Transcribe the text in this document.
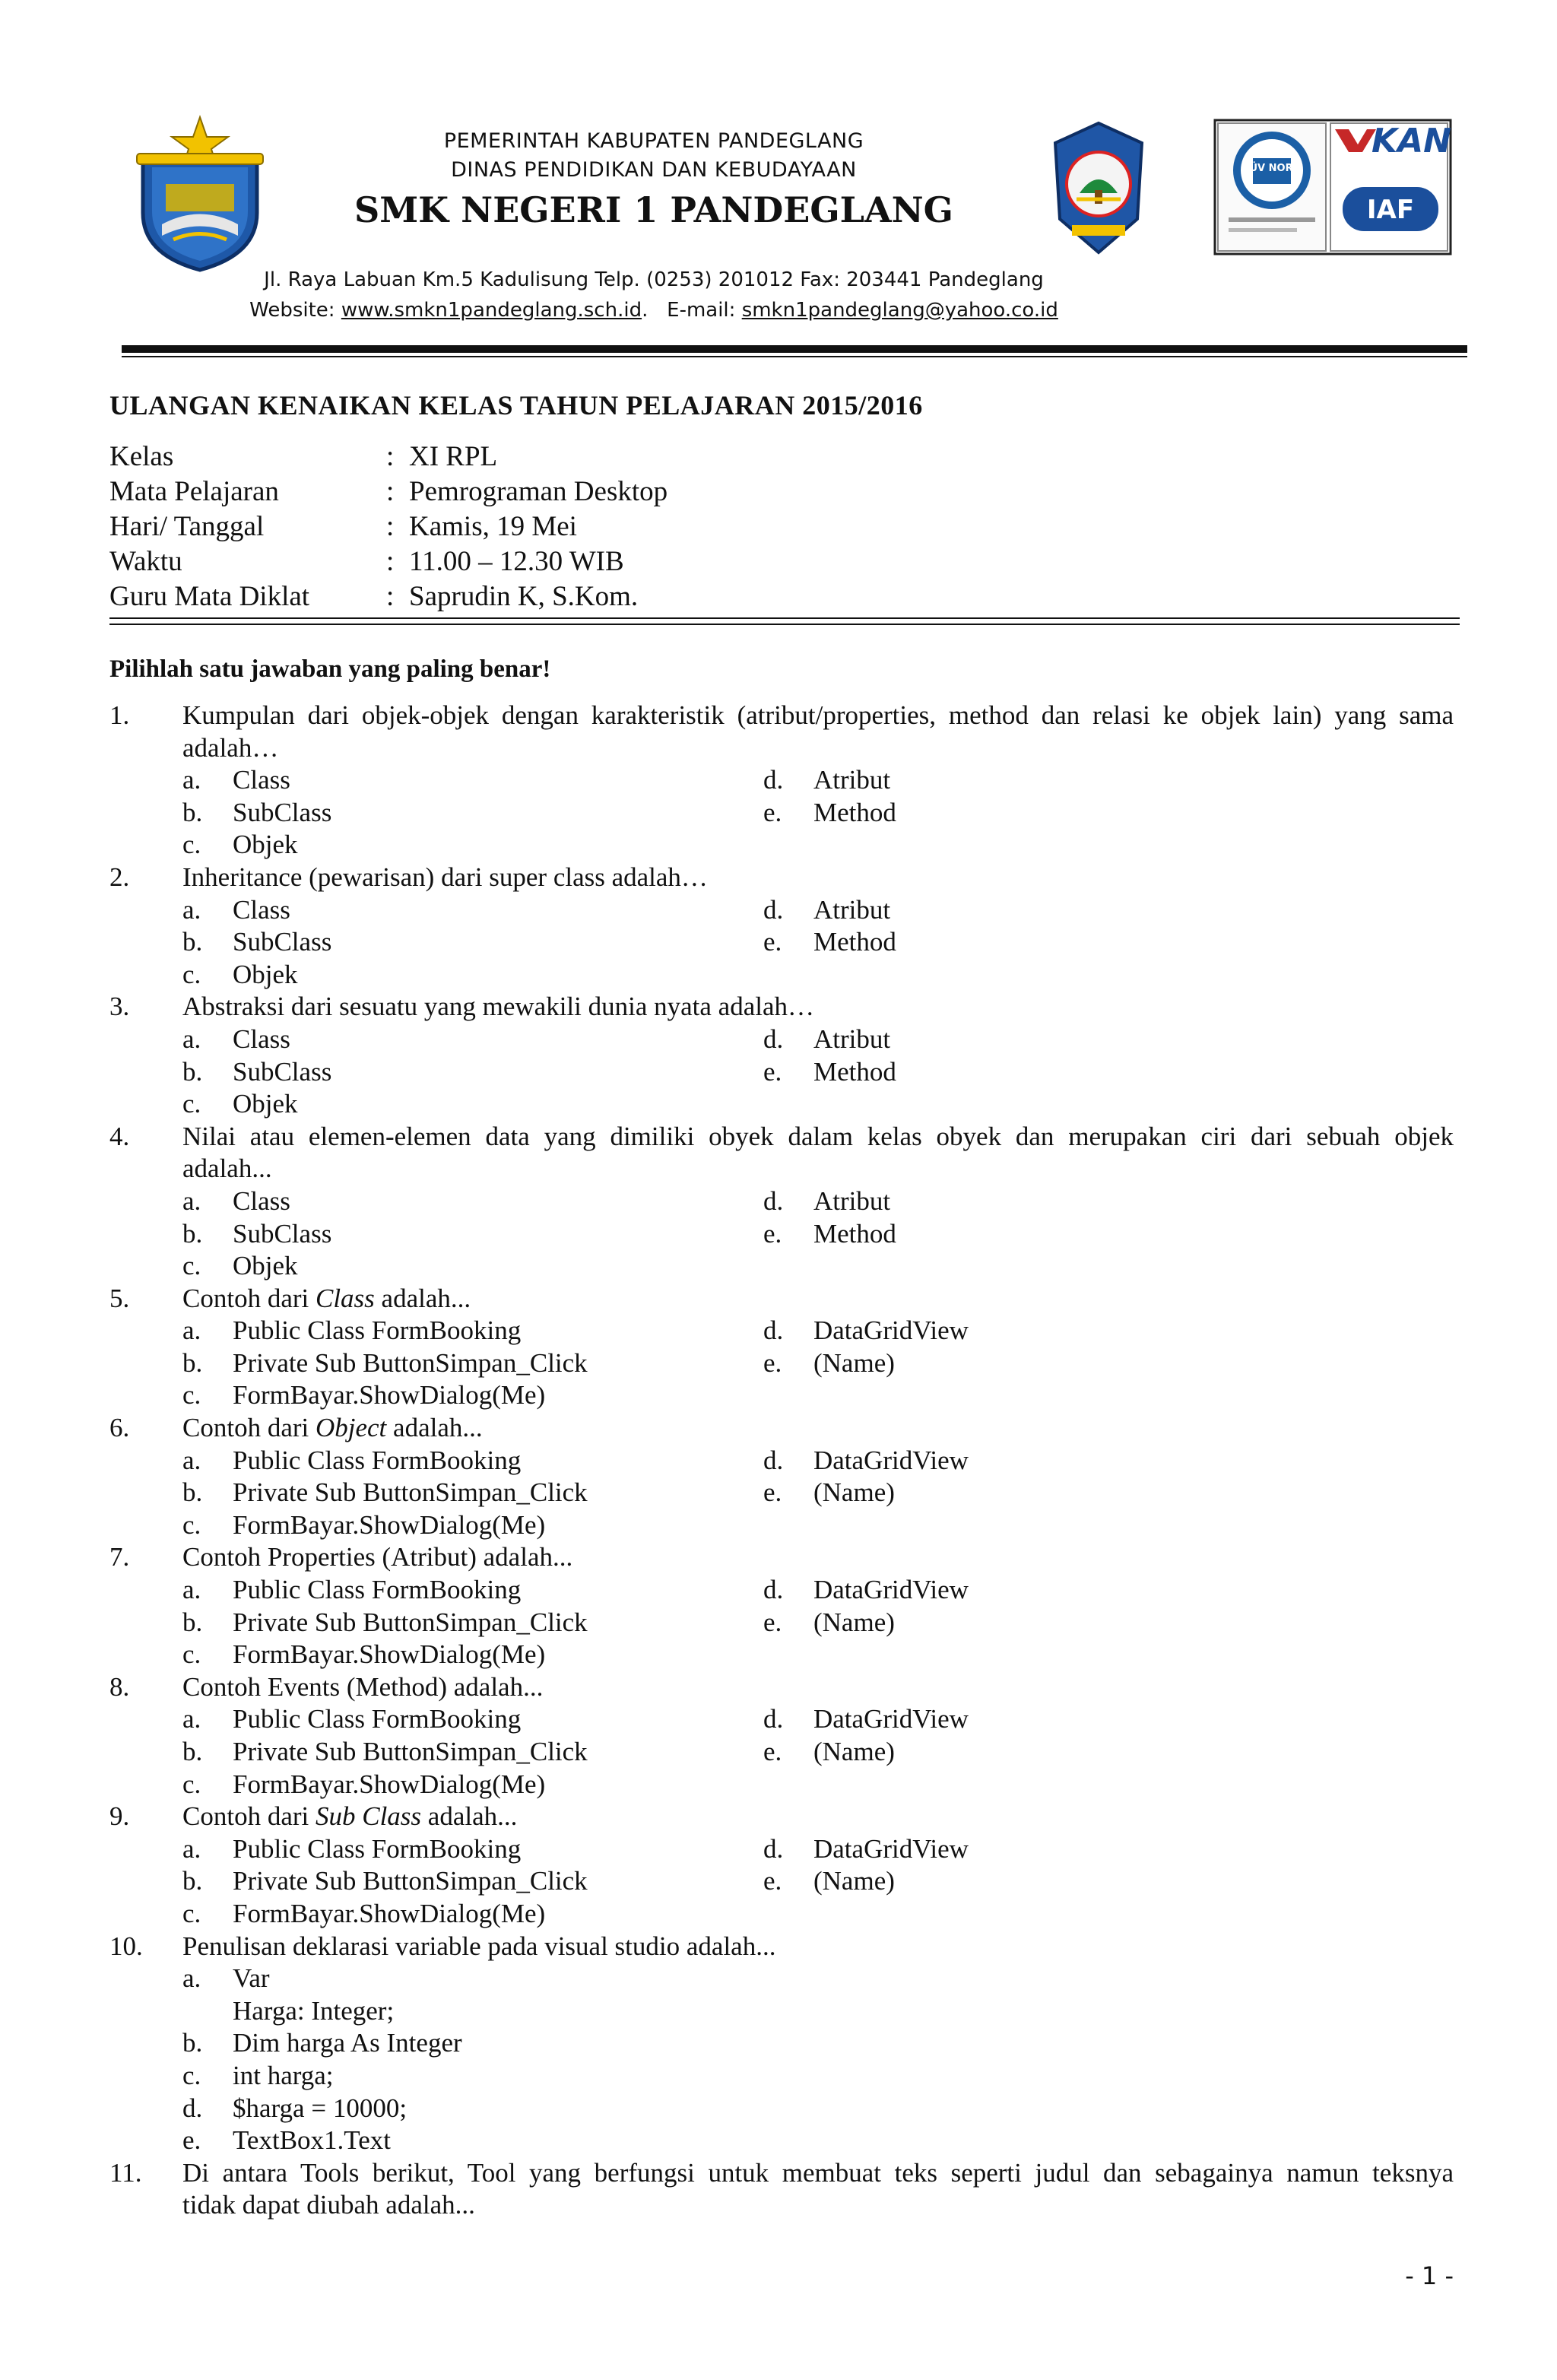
PEMERINTAH KABUPATEN PANDEGLANG
DINAS PENDIDIKAN DAN KEBUDAYAAN
SMK NEGERI 1 PANDEGLANG
Jl. Raya Labuan Km.5 Kadulisung Telp. (0253) 201012 Fax: 203441 Pandeglang
Website: www.smkn1pandeglang.sch.id.   E-mail: smkn1pandeglang@yahoo.co.id
TÜV NORD
KAN
IAF
ULANGAN KENAIKAN KELAS TAHUN PELAJARAN 2015/2016
Kelas	: XI RPL
Mata Pelajaran	: Pemrograman Desktop
Hari/ Tanggal	: Kamis, 19 Mei
Waktu	: 11.00 – 12.30 WIB
Guru Mata Diklat	: Saprudin K, S.Kom.
Pilihlah satu jawaban yang paling benar!
1.	Kumpulan dari objek-objek dengan karakteristik (atribut/properties, method dan relasi ke objek lain) yang sama
adalah…
a.	Class	d.	Atribut
b.	SubClass	e.	Method
c.	Objek
2.	Inheritance (pewarisan) dari super class adalah…
a.	Class	d.	Atribut
b.	SubClass	e.	Method
c.	Objek
3.	Abstraksi dari sesuatu yang mewakili dunia nyata adalah…
a.	Class	d.	Atribut
b.	SubClass	e.	Method
c.	Objek
4.	Nilai atau elemen-elemen data yang dimiliki obyek dalam kelas obyek dan merupakan ciri dari sebuah objek
adalah...
a.	Class	d.	Atribut
b.	SubClass	e.	Method
c.	Objek
5.	Contoh dari Class adalah...
a.	Public Class FormBooking	d.	DataGridView
b.	Private Sub ButtonSimpan_Click	e.	(Name)
c.	FormBayar.ShowDialog(Me)
6.	Contoh dari Object adalah...
a.	Public Class FormBooking	d.	DataGridView
b.	Private Sub ButtonSimpan_Click	e.	(Name)
c.	FormBayar.ShowDialog(Me)
7.	Contoh Properties (Atribut) adalah...
a.	Public Class FormBooking	d.	DataGridView
b.	Private Sub ButtonSimpan_Click	e.	(Name)
c.	FormBayar.ShowDialog(Me)
8.	Contoh Events (Method) adalah...
a.	Public Class FormBooking	d.	DataGridView
b.	Private Sub ButtonSimpan_Click	e.	(Name)
c.	FormBayar.ShowDialog(Me)
9.	Contoh dari Sub Class adalah...
a.	Public Class FormBooking	d.	DataGridView
b.	Private Sub ButtonSimpan_Click	e.	(Name)
c.	FormBayar.ShowDialog(Me)
10.	Penulisan deklarasi variable pada visual studio adalah...
a.	Var
Harga: Integer;
b.	Dim harga As Integer
c.	int harga;
d.	$harga = 10000;
e.	TextBox1.Text
11.	Di antara Tools berikut, Tool yang berfungsi untuk membuat teks seperti judul dan sebagainya namun teksnya
tidak dapat diubah adalah...
- 1 -
